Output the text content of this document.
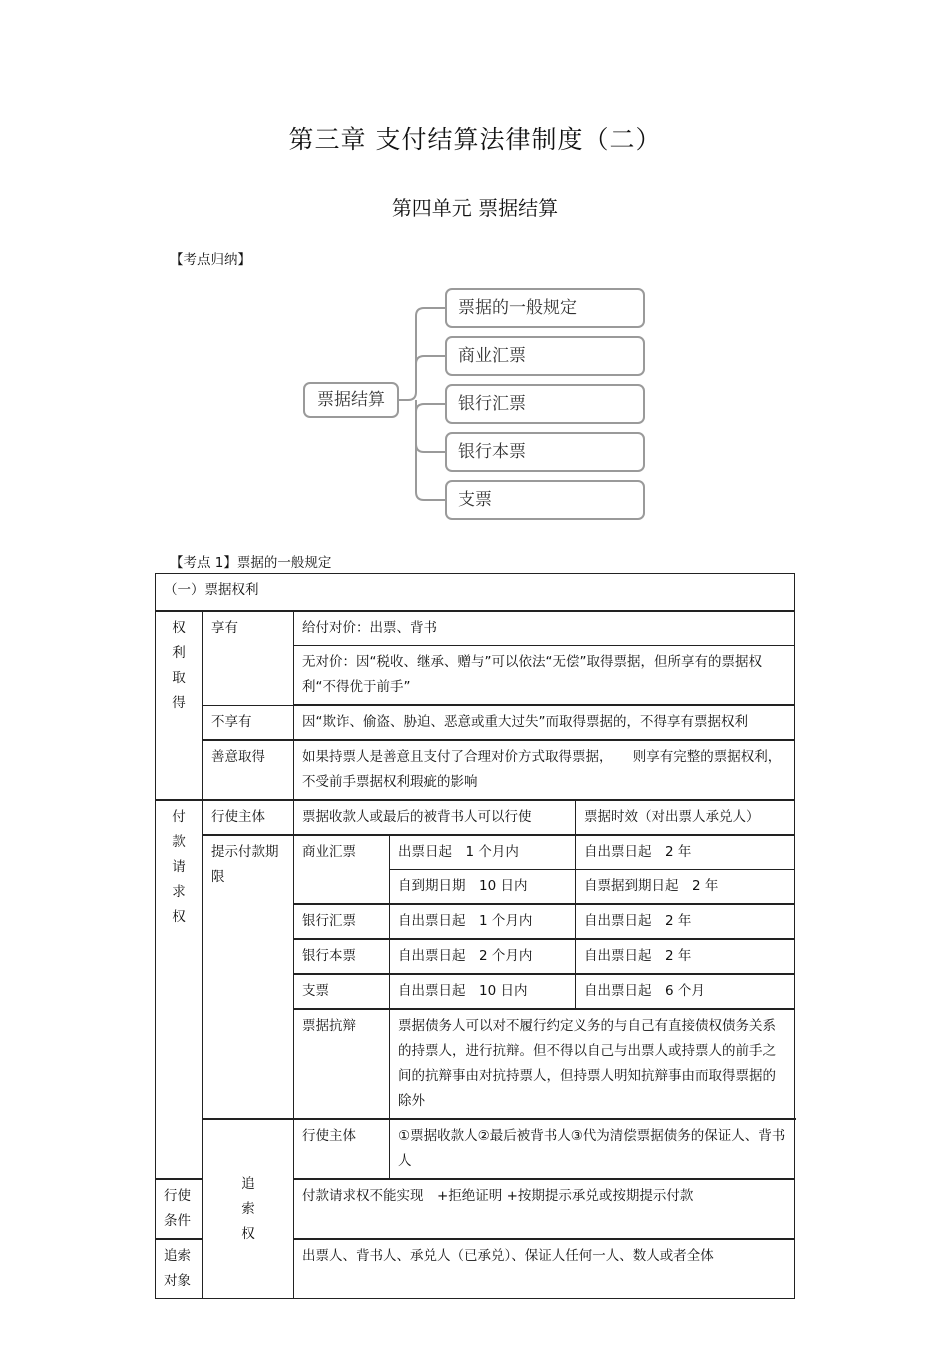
第三章 支付结算法律制度（二）
第四单元 票据结算
【考点归纳】
票据结算
票据的一般规定
商业汇票
银行汇票
银行本票
支票
【考点 1】票据的一般规定
（一）票据权利				

权
利
取
得	享有	给付对价：出票、背书		
		无对价：因“税收、继承、赠与”可以依法“无偿”取得票据，但所享有的票据权利“不得优于前手”		
	不享有	因“欺诈、偷盗、胁迫、恶意或重大过失”而取得票据的，不得享有票据权利		
	善意取得	如果持票人是善意且支付了合理对价方式取得票据，　　则享有完整的票据权利，不受前手票据权利瑕疵的影响		

付
款
请
求
权	行使主体	票据收款人或最后的被背书人可以行使		票据时效（对出票人承兑人）
	提示付款期限	商业汇票	出票日起　1 个月内	自出票日起　2 年
			自到期日期　10 日内	自票据到期日起　2 年
		银行汇票	自出票日起　1 个月内	自出票日起　2 年
		银行本票	自出票日起　2 个月内	自出票日起　2 年
		支票	自出票日起　10 日内	自出票日起　6 个月
		票据抗辩	票据债务人可以对不履行约定义务的与自己有直接债权债务关系的持票人，进行抗辩。但不得以自己与出票人或持票人的前手之间的抗辩事由对抗持票人，但持票人明知抗辩事由而取得票据的除外	

	追
索
权	行使主体	①票据收款人②最后被背书人③代为清偿票据债务的保证人、背书人	
行使条件		付款请求权不能实现　+拒绝证明 +按期提示承兑或按期提示付款		
追索对象		出票人、背书人、承兑人（已承兑）、保证人任何一人、数人或者全体		
